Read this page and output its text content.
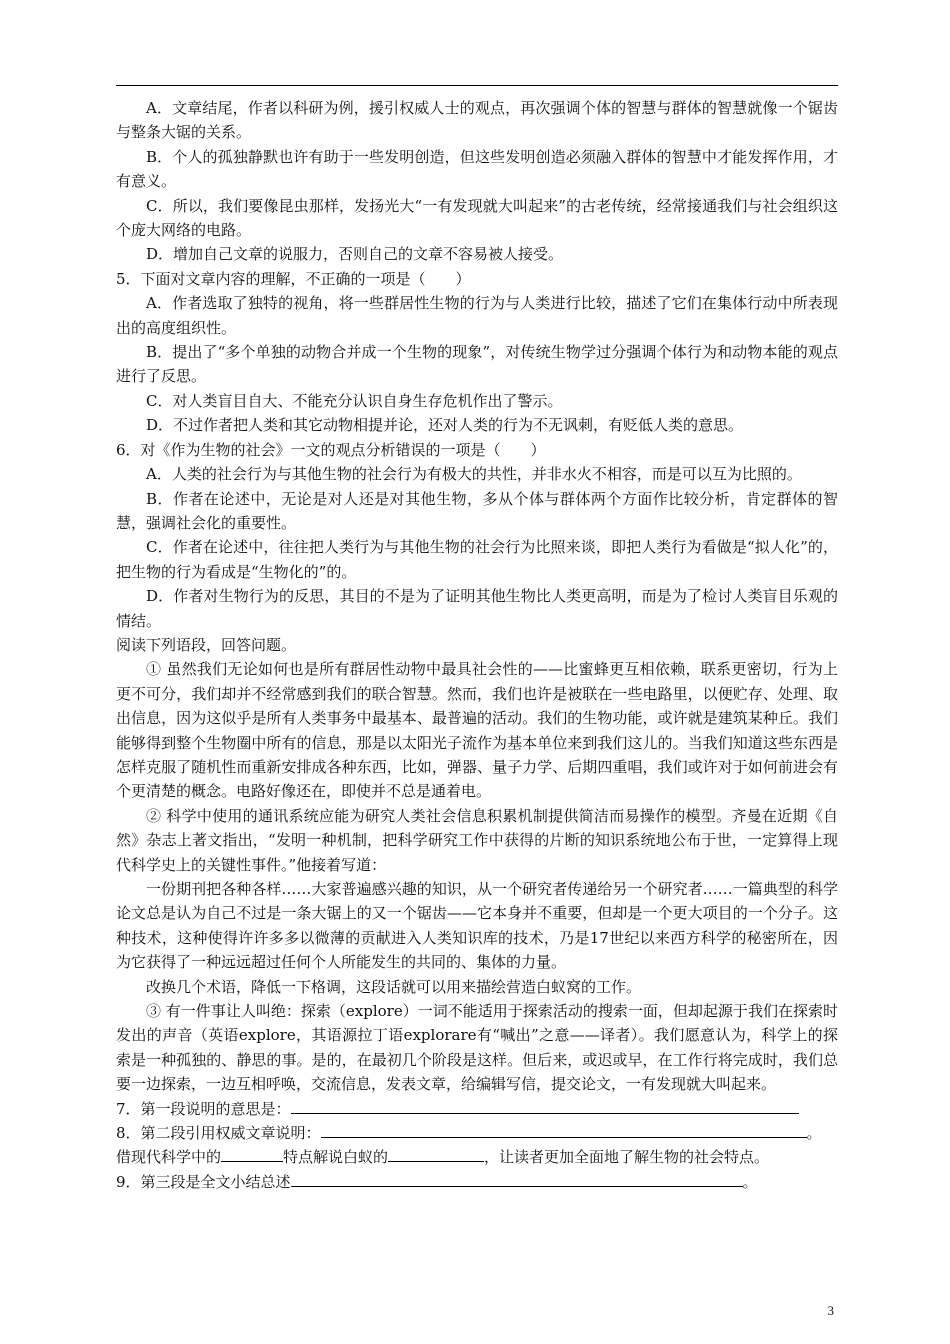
A．文章结尾，作者以科研为例，援引权威人士的观点，再次强调个体的智慧与群体的智慧就像一个锯齿与整条大锯的关系。

B．个人的孤独静默也许有助于一些发明创造，但这些发明创造必须融入群体的智慧中才能发挥作用，才有意义。

C．所以，我们要像昆虫那样，发扬光大“一有发现就大叫起来”的古老传统，经常接通我们与社会组织这个庞大网络的电路。

D．增加自己文章的说服力，否则自己的文章不容易被人接受。

5．下面对文章内容的理解，不正确的一项是（　　）

A．作者选取了独特的视角，将一些群居性生物的行为与人类进行比较，描述了它们在集体行动中所表现出的高度组织性。

B．提出了“多个单独的动物合并成一个生物的现象”，对传统生物学过分强调个体行为和动物本能的观点进行了反思。

C．对人类盲目自大、不能充分认识自身生存危机作出了警示。

D．不过作者把人类和其它动物相提并论，还对人类的行为不无讽刺，有贬低人类的意思。

6．对《作为生物的社会》一文的观点分析错误的一项是（　　）

A．人类的社会行为与其他生物的社会行为有极大的共性，并非水火不相容，而是可以互为比照的。

B．作者在论述中，无论是对人还是对其他生物，多从个体与群体两个方面作比较分析，肯定群体的智慧，强调社会化的重要性。

C．作者在论述中，往往把人类行为与其他生物的社会行为比照来谈，即把人类行为看做是“拟人化”的，把生物的行为看成是“生物化的”的。

D．作者对生物行为的反思，其目的不是为了证明其他生物比人类更高明，而是为了检讨人类盲目乐观的情结。

阅读下列语段，回答问题。

① 虽然我们无论如何也是所有群居性动物中最具社会性的——比蜜蜂更互相依赖，联系更密切，行为上更不可分，我们却并不经常感到我们的联合智慧。然而，我们也许是被联在一些电路里，以便贮存、处理、取出信息，因为这似乎是所有人类事务中最基本、最普遍的活动。我们的生物功能，或许就是建筑某种丘。我们能够得到整个生物圈中所有的信息，那是以太阳光子流作为基本单位来到我们这儿的。当我们知道这些东西是怎样克服了随机性而重新安排成各种东西，比如，弹器、量子力学、后期四重唱，我们或许对于如何前进会有个更清楚的概念。电路好像还在，即使并不总是通着电。

② 科学中使用的通讯系统应能为研究人类社会信息积累机制提供简洁而易操作的模型。齐曼在近期《自然》杂志上著文指出，“发明一种机制，把科学研究工作中获得的片断的知识系统地公布于世，一定算得上现代科学史上的关键性事件。”他接着写道：

一份期刊把各种各样……大家普遍感兴趣的知识，从一个研究者传递给另一个研究者……一篇典型的科学论文总是认为自己不过是一条大锯上的又一个锯齿——它本身并不重要，但却是一个更大项目的一个分子。这种技术，这种使得许许多多以微薄的贡献进入人类知识库的技术，乃是17世纪以来西方科学的秘密所在，因为它获得了一种远远超过任何个人所能发生的共同的、集体的力量。

改换几个术语，降低一下格调，这段话就可以用来描绘营造白蚁窝的工作。

③ 有一件事让人叫绝：探索（explore）一词不能适用于探索活动的搜索一面，但却起源于我们在探索时发出的声音（英语explore，其语源拉丁语explorare有“喊出”之意——译者）。我们愿意认为，科学上的探索是一种孤独的、静思的事。是的，在最初几个阶段是这样。但后来，或迟或早，在工作行将完成时，我们总要一边探索，一边互相呼唤，交流信息，发表文章，给编辑写信，提交论文，一有发现就大叫起来。

7．第一段说明的意思是：

8．第二段引用权威文章说明：	。

借现代科学中的	特点解说白蚁的	，让读者更加全面地了解生物的社会特点。

9．第三段是全文小结总述	。

3
